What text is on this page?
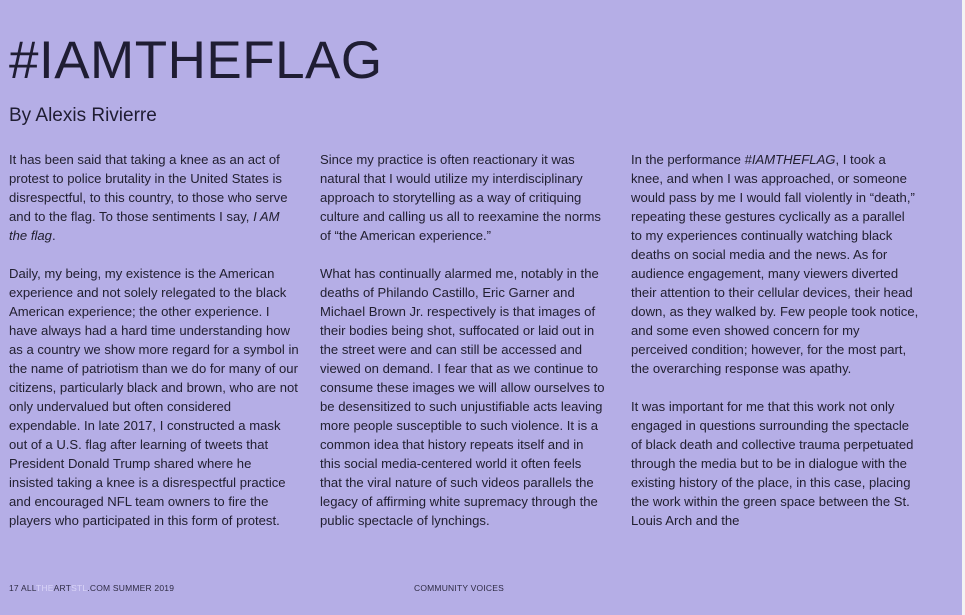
#IAMTHEFLAG
By Alexis Rivierre

It has been said that taking a knee as an act of protest to police brutality in the United States is disrespectful, to this country, to those who serve and to the flag. To those sentiments I say, I AM the flag.

Daily, my being, my existence is the American experience and not solely relegated to the black American experience; the other experience. I have always had a hard time understanding how as a country we show more regard for a symbol in the name of patriotism than we do for many of our citizens, particularly black and brown, who are not only undervalued but often considered expendable. In late 2017, I constructed a mask out of a U.S. flag after learning of tweets that President Donald Trump shared where he insisted taking a knee is a disrespectful practice and encouraged NFL team owners to fire the players who participated in this form of protest.

Since my practice is often reactionary it was natural that I would utilize my interdisciplinary approach to storytelling as a way of critiquing culture and calling us all to reexamine the norms of “the American experience.”

What has continually alarmed me, notably in the deaths of Philando Castillo, Eric Garner and Michael Brown Jr. respectively is that images of their bodies being shot, suffocated or laid out in the street were and can still be accessed and viewed on demand. I fear that as we continue to consume these images we will allow ourselves to be desensitized to such unjustifiable acts leaving more people susceptible to such violence. It is a common idea that history repeats itself and in this social media-centered world it often feels that the viral nature of such videos parallels the legacy of affirming white supremacy through the public spectacle of lynchings.

In the performance #IAMTHEFLAG, I took a knee, and when I was approached, or someone would pass by me I would fall violently in “death,” repeating these gestures cyclically as a parallel to my experiences continually watching black deaths on social media and the news. As for audience engagement, many viewers diverted their attention to their cellular devices, their head down, as they walked by. Few people took notice, and some even showed concern for my perceived condition; however, for the most part, the overarching response was apathy.

It was important for me that this work not only engaged in questions surrounding the spectacle of black death and collective trauma perpetuated through the media but to be in dialogue with the existing history of the place, in this case, placing the work within the green space between the St. Louis Arch and the

17 ALLTHEARTSTL.COM SUMMER 2019	COMMUNITY VOICES
